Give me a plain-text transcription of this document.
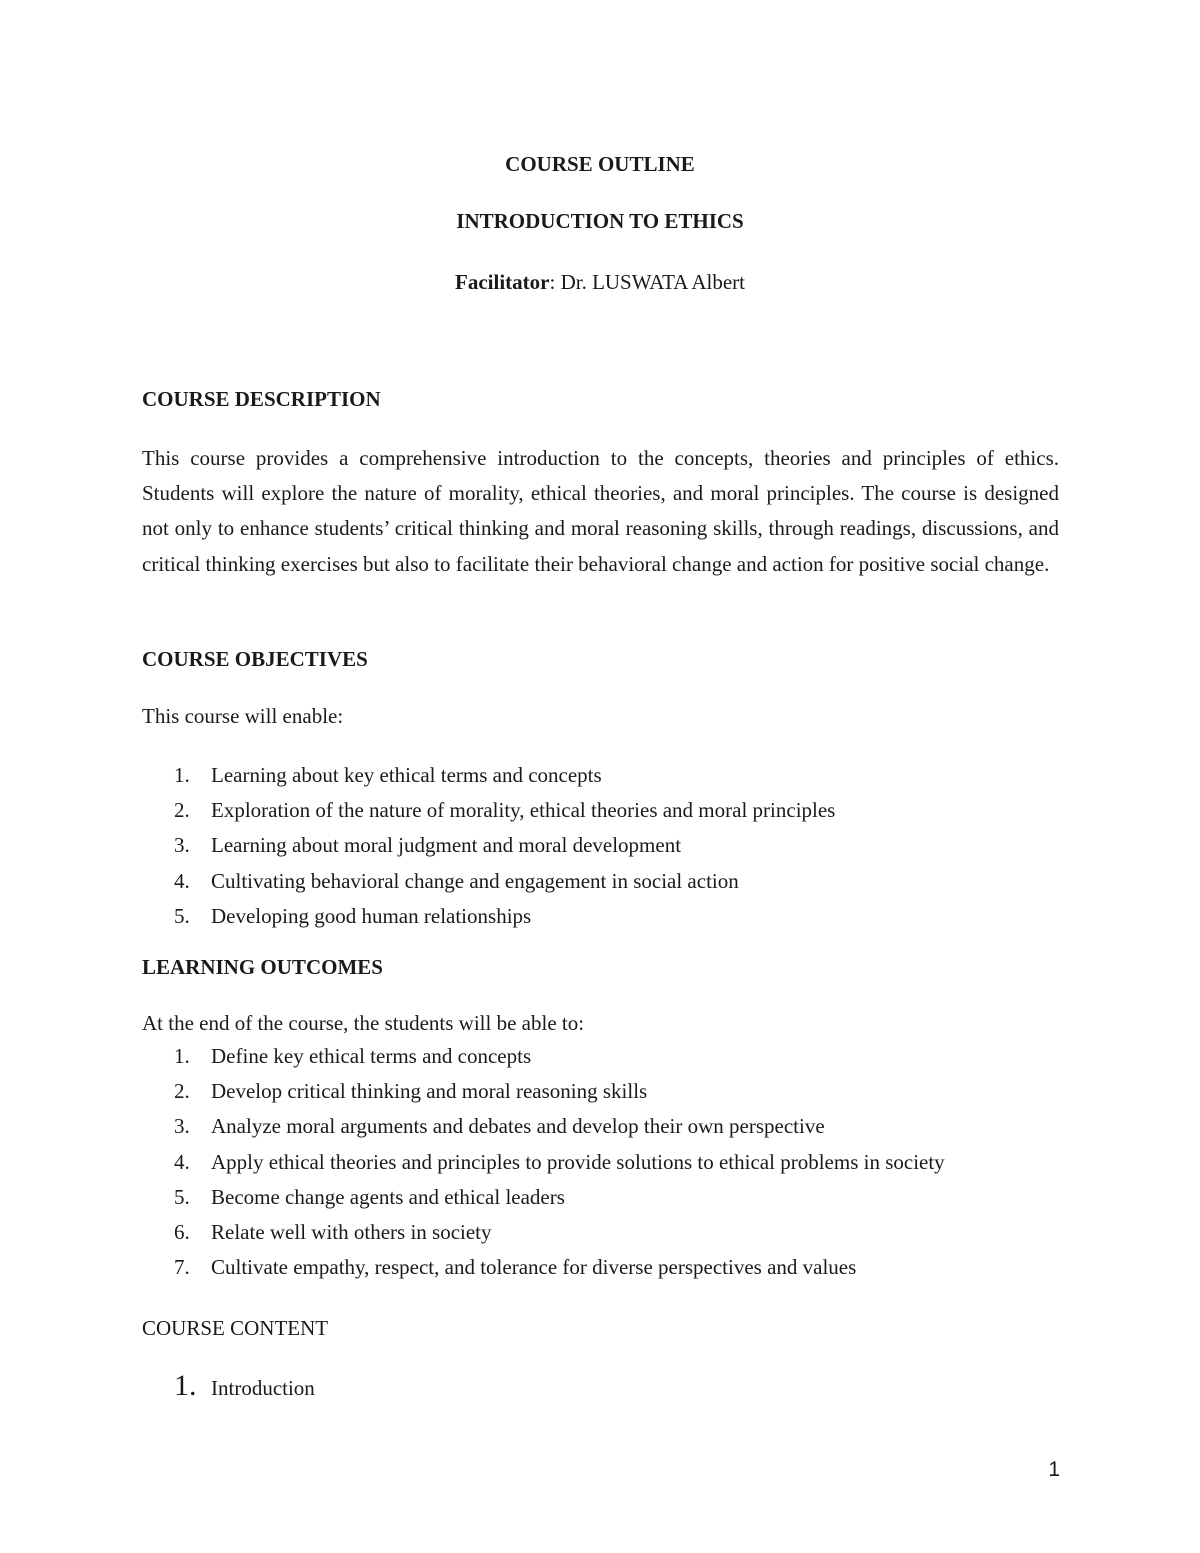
COURSE OUTLINE
INTRODUCTION TO ETHICS
Facilitator: Dr. LUSWATA Albert
COURSE DESCRIPTION
This course provides a comprehensive introduction to the concepts, theories and principles of ethics. Students will explore the nature of morality, ethical theories, and moral principles. The course is designed not only to enhance students’ critical thinking and moral reasoning skills, through readings, discussions, and critical thinking exercises but also to facilitate their behavioral change and action for positive social change.
COURSE OBJECTIVES
This course will enable:
1. Learning about key ethical terms and concepts
2. Exploration of the nature of morality, ethical theories and moral principles
3. Learning about moral judgment and moral development
4. Cultivating behavioral change and engagement in social action
5. Developing good human relationships
LEARNING OUTCOMES
At the end of the course, the students will be able to:
1. Define key ethical terms and concepts
2. Develop critical thinking and moral reasoning skills
3. Analyze moral arguments and debates and develop their own perspective
4. Apply ethical theories and principles to provide solutions to ethical problems in society
5. Become change agents and ethical leaders
6. Relate well with others in society
7. Cultivate empathy, respect, and tolerance for diverse perspectives and values
COURSE CONTENT
1. Introduction
1
